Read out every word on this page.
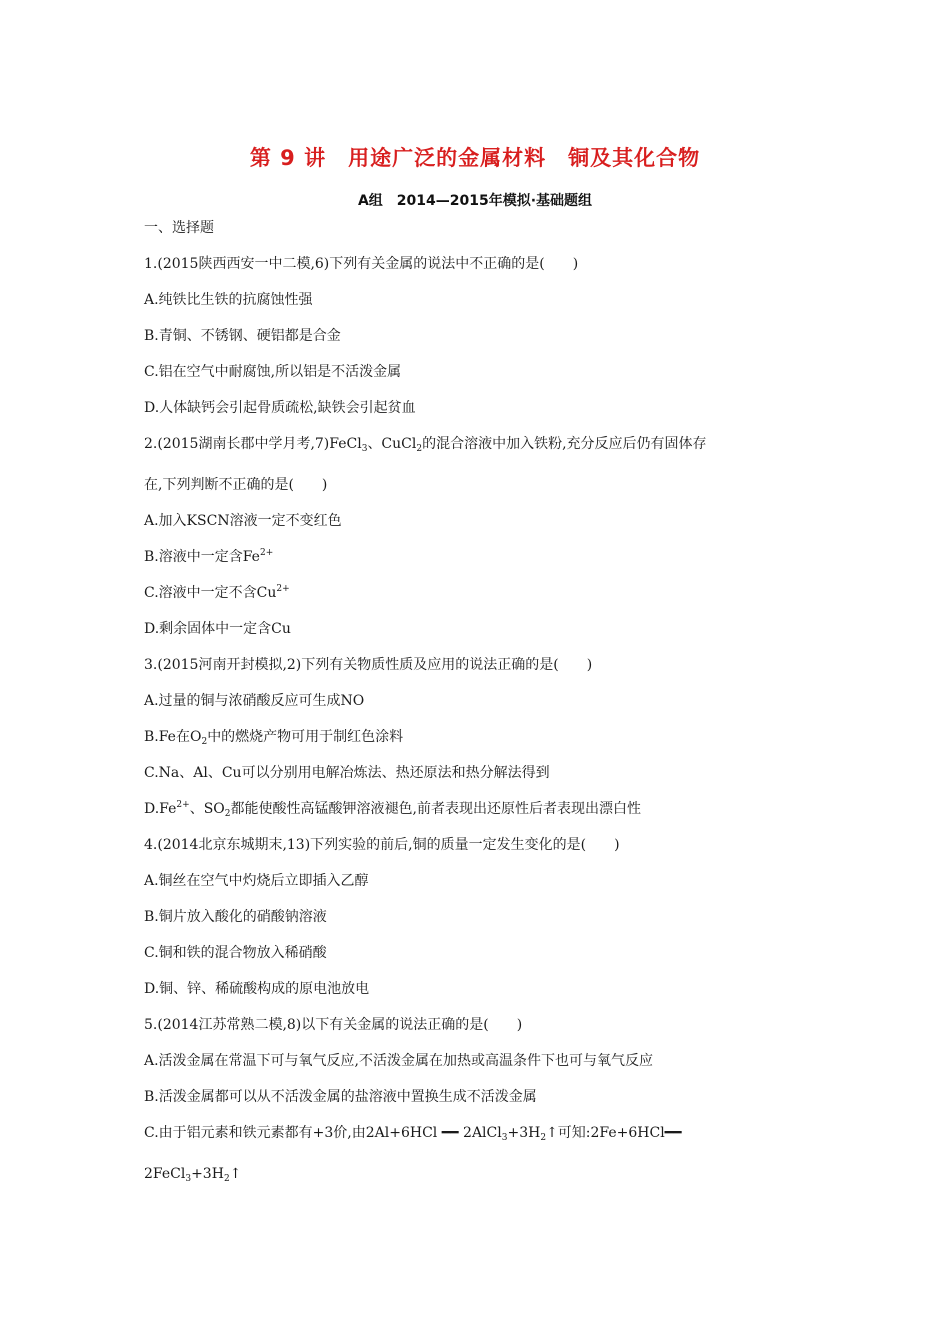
第 9 讲　用途广泛的金属材料　铜及其化合物
A组　2014—2015年模拟·基础题组
一、选择题
1.(2015陕西西安一中二模,6)下列有关金属的说法中不正确的是(　　)
A.纯铁比生铁的抗腐蚀性强
B.青铜、不锈钢、硬铝都是合金
C.铝在空气中耐腐蚀,所以铝是不活泼金属
D.人体缺钙会引起骨质疏松,缺铁会引起贫血
2.(2015湖南长郡中学月考,7)FeCl$_3$、CuCl$_2$的混合溶液中加入铁粉,充分反应后仍有固体存
在,下列判断不正确的是(　　)
A.加入KSCN溶液一定不变红色
B.溶液中一定含$Fe^{2+}$
C.溶液中一定不含$Cu^{2+}$
D.剩余固体中一定含Cu
3.(2015河南开封模拟,2)下列有关物质性质及应用的说法正确的是(　　)
A.过量的铜与浓硝酸反应可生成NO
B.Fe在$O_2$中的燃烧产物可用于制红色涂料
C.Na、Al、Cu可以分别用电解冶炼法、热还原法和热分解法得到
$D.Fe^{2+}$、$SO_2$都能使酸性高锰酸钾溶液褪色,前者表现出还原性后者表现出漂白性
4.(2014北京东城期末,13)下列实验的前后,铜的质量一定发生变化的是(　　)
A.铜丝在空气中灼烧后立即插入乙醇
B.铜片放入酸化的硝酸钠溶液
C.铜和铁的混合物放入稀硝酸
D.铜、锌、稀硫酸构成的原电池放电
5.(2014江苏常熟二模,8)以下有关金属的说法正确的是(　　)
A.活泼金属在常温下可与氧气反应,不活泼金属在加热或高温条件下也可与氧气反应
B.活泼金属都可以从不活泼金属的盐溶液中置换生成不活泼金属
C.由于铝元素和铁元素都有+3价,由2Al+6HCl ━━ $2AlCl_3+3H_2↑$可知:2Fe+6HCl━━
$2FeCl_3+3H_2↑$
